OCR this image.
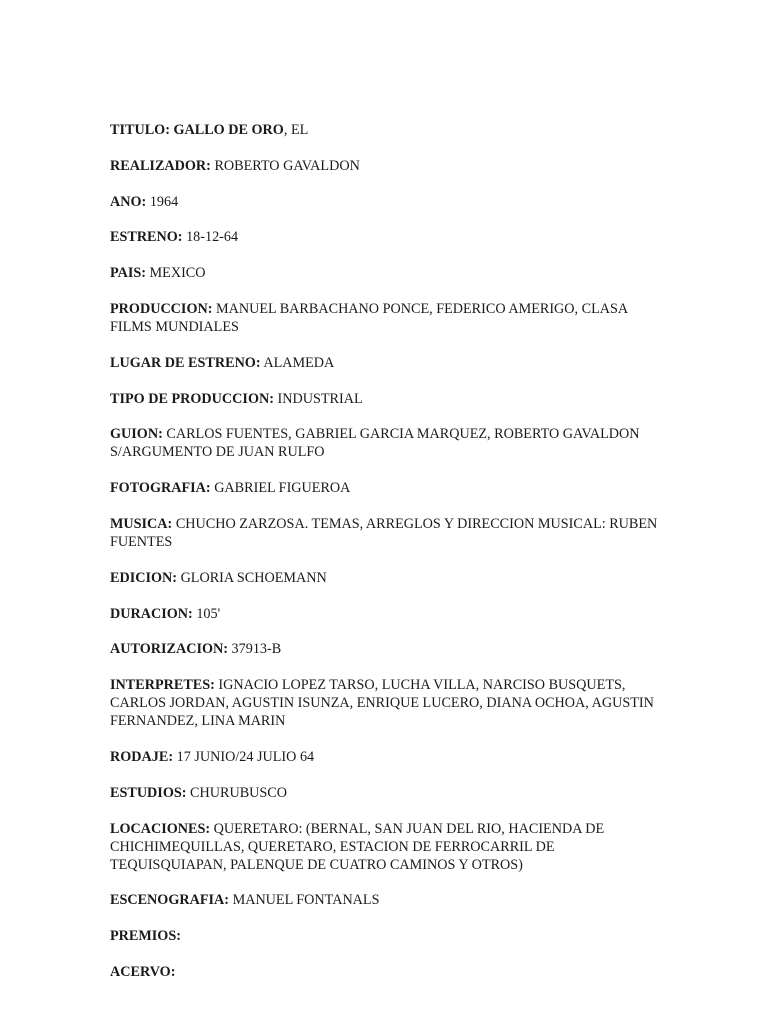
TITULO: GALLO DE ORO, EL
REALIZADOR: ROBERTO GAVALDON
ANO: 1964
ESTRENO: 18-12-64
PAIS: MEXICO
PRODUCCION: MANUEL BARBACHANO PONCE, FEDERICO AMERIGO, CLASA FILMS MUNDIALES
LUGAR DE ESTRENO: ALAMEDA
TIPO DE PRODUCCION: INDUSTRIAL
GUION: CARLOS FUENTES, GABRIEL GARCIA MARQUEZ, ROBERTO GAVALDON S/ARGUMENTO DE JUAN RULFO
FOTOGRAFIA: GABRIEL FIGUEROA
MUSICA: CHUCHO ZARZOSA. TEMAS, ARREGLOS Y DIRECCION MUSICAL: RUBEN FUENTES
EDICION: GLORIA SCHOEMANN
DURACION: 105'
AUTORIZACION: 37913-B
INTERPRETES: IGNACIO LOPEZ TARSO, LUCHA VILLA, NARCISO BUSQUETS, CARLOS JORDAN, AGUSTIN ISUNZA, ENRIQUE LUCERO, DIANA OCHOA, AGUSTIN FERNANDEZ, LINA MARIN
RODAJE: 17 JUNIO/24 JULIO 64
ESTUDIOS: CHURUBUSCO
LOCACIONES: QUERETARO: (BERNAL, SAN JUAN DEL RIO, HACIENDA DE CHICHIMEQUILLAS, QUERETARO, ESTACION DE FERROCARRIL DE TEQUISQUIAPAN, PALENQUE DE CUATRO CAMINOS Y OTROS)
ESCENOGRAFIA: MANUEL FONTANALS
PREMIOS:
ACERVO:
